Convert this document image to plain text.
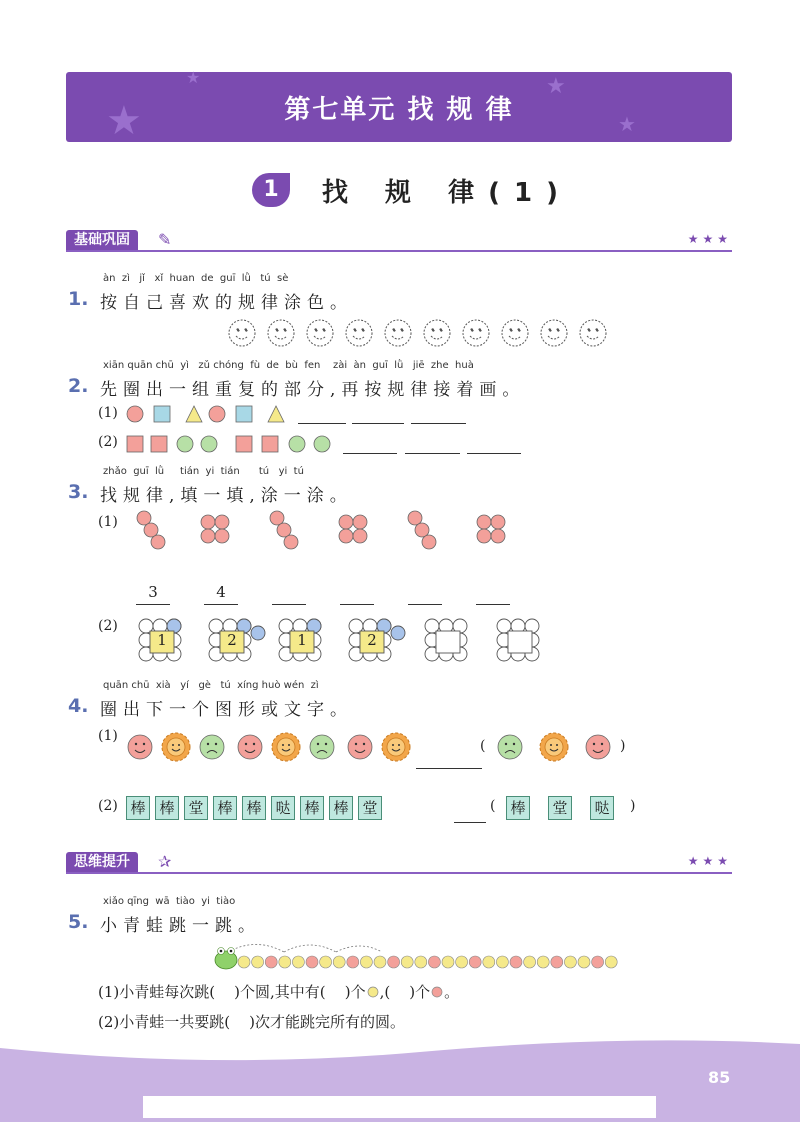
★
★	★
★
第七单元 找 规 律
1	找 规 律(1)
基础巩固	✎	★★★
àn  zì   jǐ   xǐ  huan  de  guī  lǜ   tú  sè
1. 按自己喜欢的规律涂色。
xiān quān chū  yì   zǔ chóng  fù  de  bù  fen    zài  àn  guī  lǜ   jiē  zhe  huà
2. 先圈出一组重复的部分,再按规律接着画。
(1)
(2)
zhǎo  guī  lǜ     tián  yi  tián      tú   yi  tú
3. 找规律,填一填,涂一涂。
(1)
3	4
(2)
1	2	1	2
quān chū  xià   yí   gè   tú  xíng huò wén  zì
4. 圈出下一个图形或文字。
(1)
(	)
(2) 棒 棒 堂 棒 棒 哒 棒 棒 堂	( 棒 堂 哒	)
思维提升	✰	★★★
xiǎo qīng  wā  tiào  yi  tiào
5. 小青蛙跳一跳。
(1)小青蛙每次跳(    )个圆,其中有(    )个 ,(    )个 。
(2)小青蛙一共要跳(    )次才能跳完所有的圆。
85
